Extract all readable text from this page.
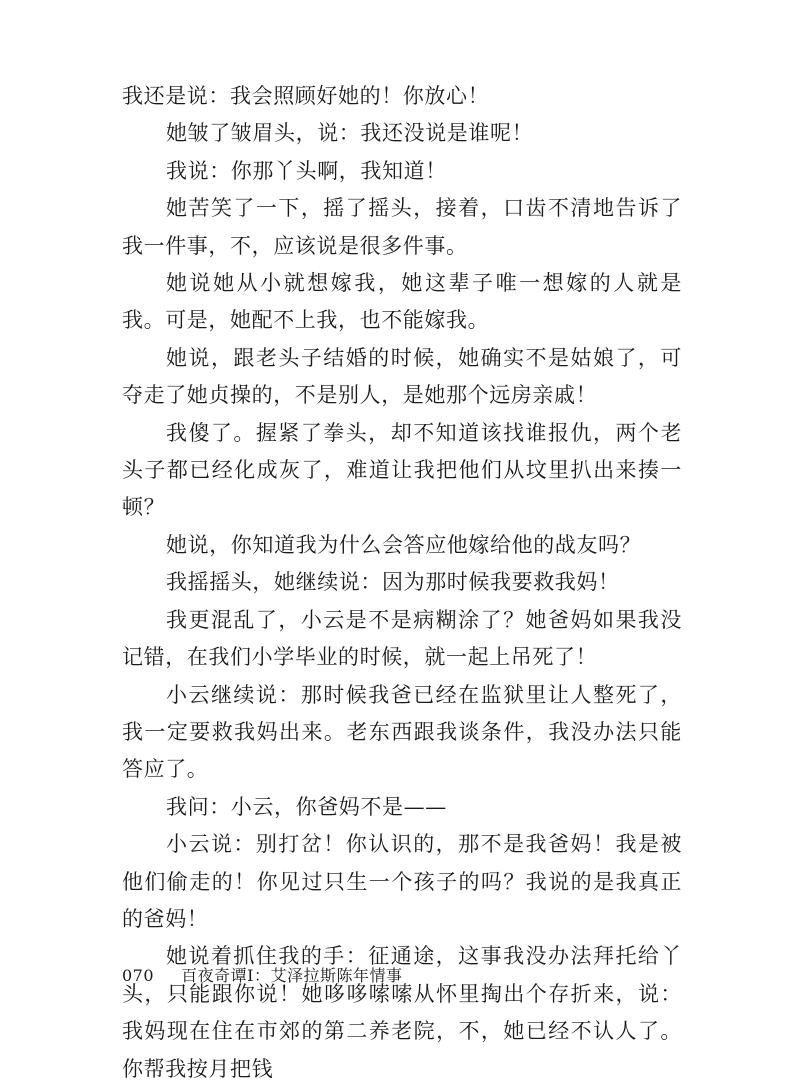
我还是说：我会照顾好她的！你放心！

她皱了皱眉头，说：我还没说是谁呢！

我说：你那丫头啊，我知道！

她苦笑了一下，摇了摇头，接着，口齿不清地告诉了我一件事，不，应该说是很多件事。

她说她从小就想嫁我，她这辈子唯一想嫁的人就是我。可是，她配不上我，也不能嫁我。

她说，跟老头子结婚的时候，她确实不是姑娘了，可夺走了她贞操的，不是别人，是她那个远房亲戚！

我傻了。握紧了拳头，却不知道该找谁报仇，两个老头子都已经化成灰了，难道让我把他们从坟里扒出来揍一顿？

她说，你知道我为什么会答应他嫁给他的战友吗？

我摇摇头，她继续说：因为那时候我要救我妈！

我更混乱了，小云是不是病糊涂了？她爸妈如果我没记错，在我们小学毕业的时候，就一起上吊死了！

小云继续说：那时候我爸已经在监狱里让人整死了，我一定要救我妈出来。老东西跟我谈条件，我没办法只能答应了。

我问：小云，你爸妈不是——

小云说：别打岔！你认识的，那不是我爸妈！我是被他们偷走的！你见过只生一个孩子的吗？我说的是我真正的爸妈！

她说着抓住我的手：征通途，这事我没办法拜托给丫头，只能跟你说！她哆哆嗦嗦从怀里掏出个存折来，说：我妈现在住在市郊的第二养老院，不，她已经不认人了。你帮我按月把钱

070 百夜奇谭Ⅰ：艾泽拉斯陈年情事
